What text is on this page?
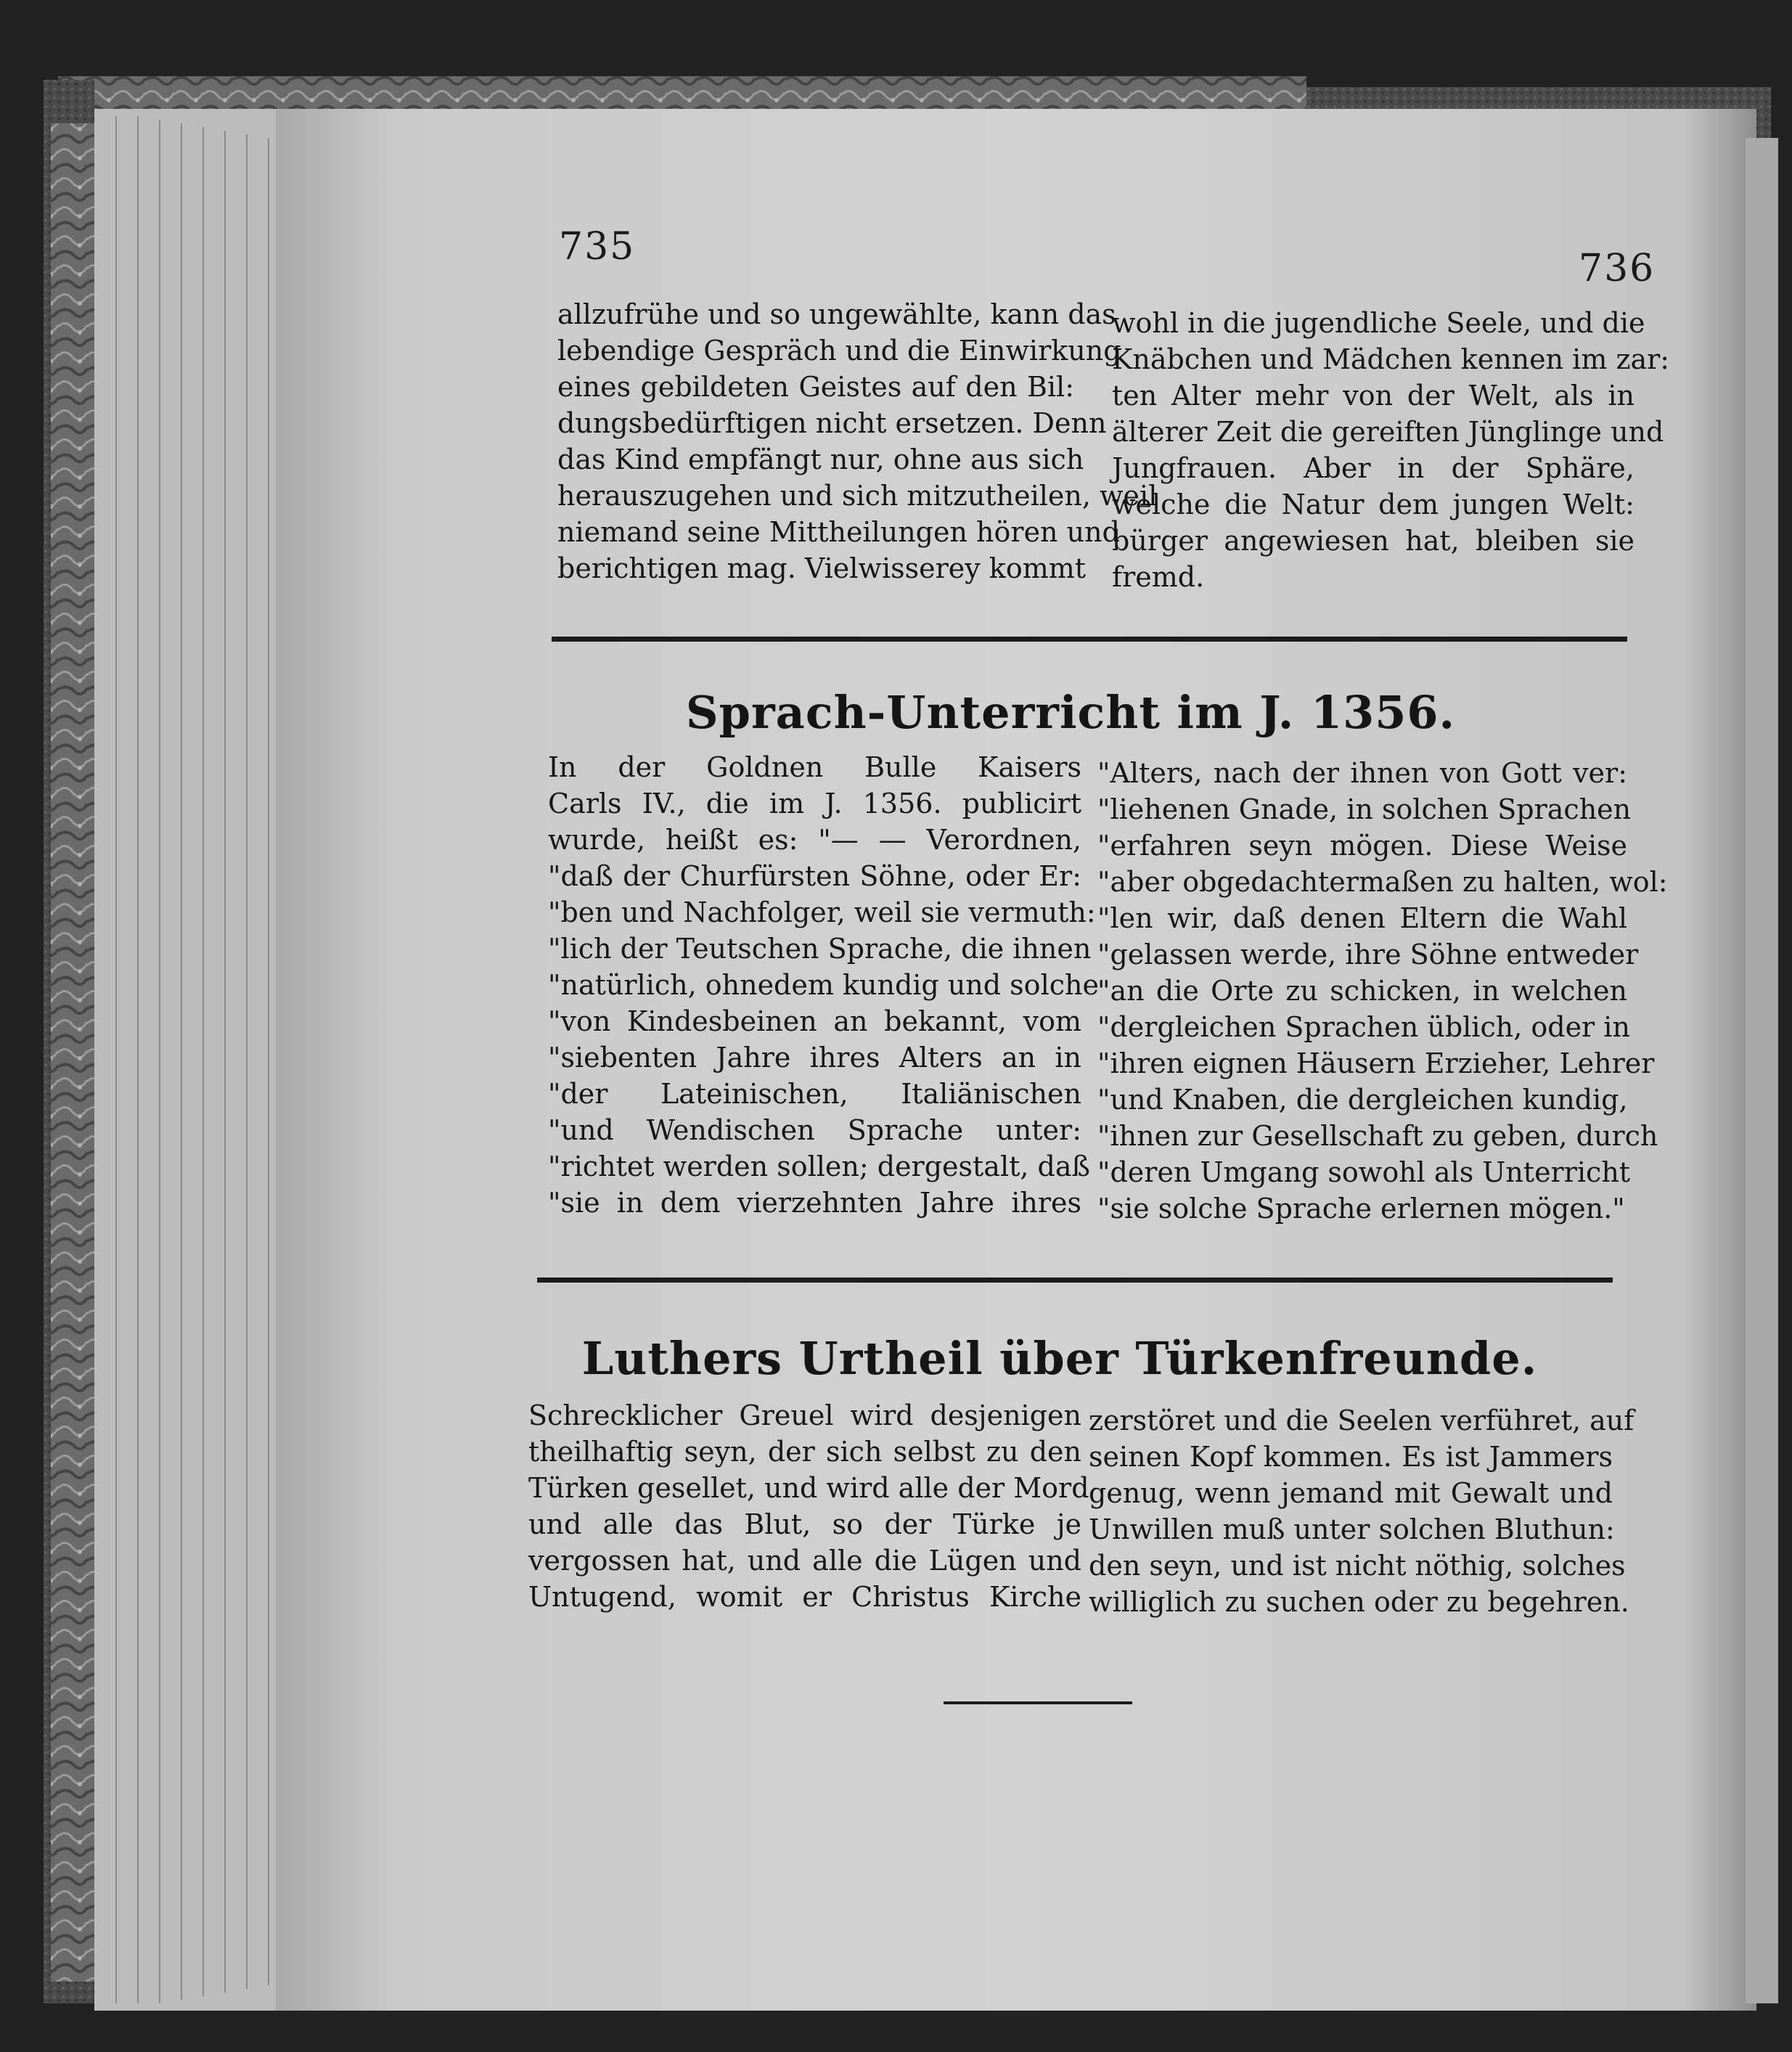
735	736
allzufrühe und so ungewählte, kann das
lebendige Gespräch und die Einwirkung
eines gebildeten Geistes auf den Bil:
dungsbedürftigen nicht ersetzen. Denn
das Kind empfängt nur, ohne aus sich
herauszugehen und sich mitzutheilen, weil
niemand seine Mittheilungen hören und
berichtigen mag. Vielwisserey kommt
wohl in die jugendliche Seele, und die
Knäbchen und Mädchen kennen im zar:
ten Alter mehr von der Welt, als in
älterer Zeit die gereiften Jünglinge und
Jungfrauen. Aber in der Sphäre,
welche die Natur dem jungen Welt:
bürger angewiesen hat, bleiben sie
fremd.
Sprach-Unterricht im J. 1356.
In der Goldnen Bulle Kaisers
Carls IV., die im J. 1356. publicirt
wurde, heißt es: "— — Verordnen,
"daß der Churfürsten Söhne, oder Er:
"ben und Nachfolger, weil sie vermuth:
"lich der Teutschen Sprache, die ihnen
"natürlich, ohnedem kundig und solche
"von Kindesbeinen an bekannt, vom
"siebenten Jahre ihres Alters an in
"der Lateinischen, Italiänischen
"und Wendischen Sprache unter:
"richtet werden sollen; dergestalt, daß
"sie in dem vierzehnten Jahre ihres
"Alters, nach der ihnen von Gott ver:
"liehenen Gnade, in solchen Sprachen
"erfahren seyn mögen. Diese Weise
"aber obgedachtermaßen zu halten, wol:
"len wir, daß denen Eltern die Wahl
"gelassen werde, ihre Söhne entweder
"an die Orte zu schicken, in welchen
"dergleichen Sprachen üblich, oder in
"ihren eignen Häusern Erzieher, Lehrer
"und Knaben, die dergleichen kundig,
"ihnen zur Gesellschaft zu geben, durch
"deren Umgang sowohl als Unterricht
"sie solche Sprache erlernen mögen."
Luthers Urtheil über Türkenfreunde.
Schrecklicher Greuel wird desjenigen
theilhaftig seyn, der sich selbst zu den
Türken gesellet, und wird alle der Mord
und alle das Blut, so der Türke je
vergossen hat, und alle die Lügen und
Untugend, womit er Christus Kirche
zerstöret und die Seelen verführet, auf
seinen Kopf kommen. Es ist Jammers
genug, wenn jemand mit Gewalt und
Unwillen muß unter solchen Bluthun:
den seyn, und ist nicht nöthig, solches
williglich zu suchen oder zu begehren.
